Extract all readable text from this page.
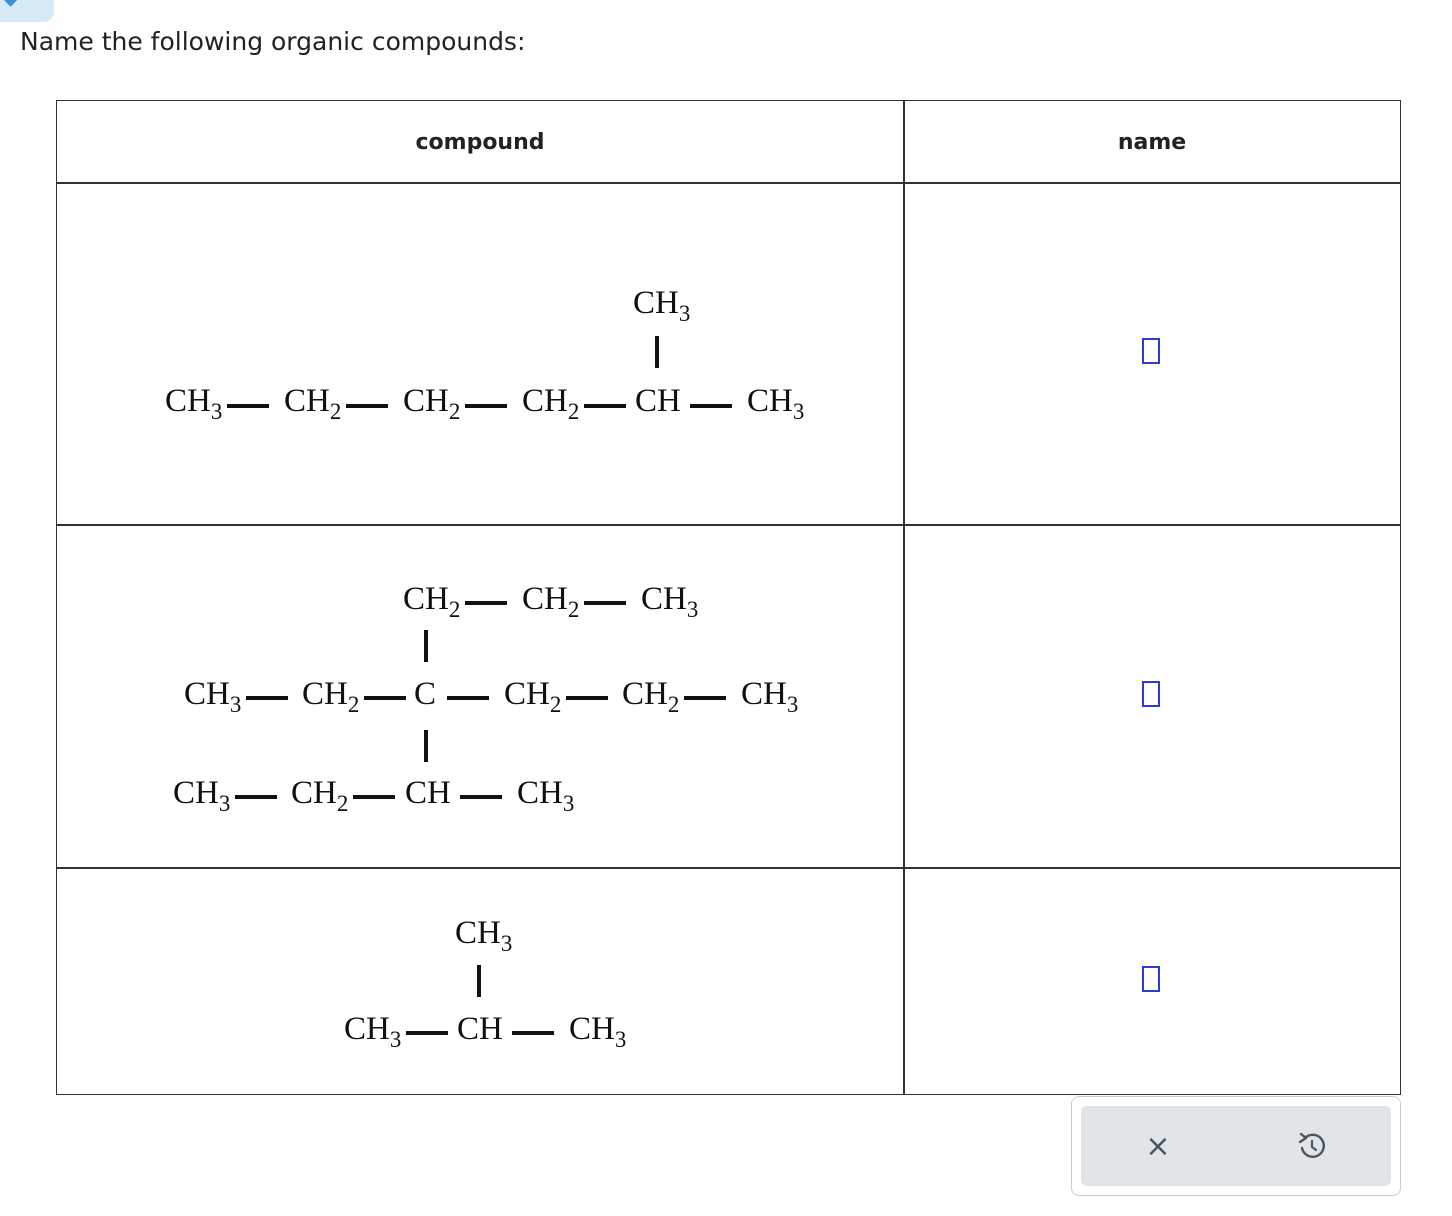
Name the following organic compounds:
compound	name
$CH_3$
$CH_3$ $CH_2$ $CH_2$ $CH_2$ CH $CH_3$
$CH_2$ $CH_2$ $CH_3$
$CH_3$ $CH_2$ C $CH_2$ $CH_2$ $CH_3$
$CH_3$ $CH_2$ CH $CH_3$
$CH_3$
$CH_3$ CH $CH_3$
×
